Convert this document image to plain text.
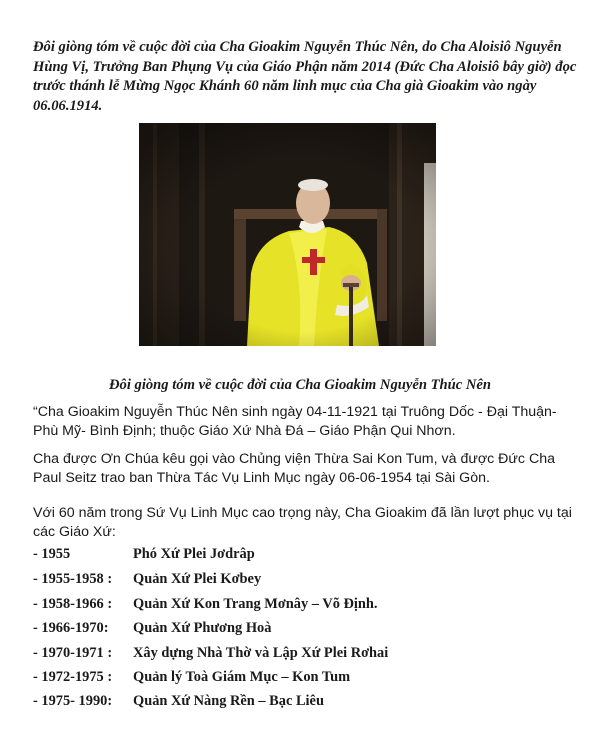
Đôi giòng tóm về cuộc đời của Cha Gioakim Nguyễn Thúc Nên, do Cha Aloisiô Nguyễn Hùng Vị, Trưởng Ban Phụng Vụ của Giáo Phận năm 2014 (Đức Cha Aloisiô bây giờ) đọc trước thánh lễ Mừng Ngọc Khánh 60 năm linh mục của Cha già Gioakim vào ngày 06.06.1914.
Đôi giòng tóm về cuộc đời của Cha Gioakim Nguyễn Thúc Nên
“Cha Gioakim Nguyễn Thúc Nên sinh ngày 04-11-1921 tại Truông Dốc - Đại Thuận- Phù Mỹ- Bình Định; thuộc Giáo Xứ Nhà Đá – Giáo Phận Qui Nhơn.
Cha được Ơn Chúa kêu gọi vào Chủng viện Thừa Sai Kon Tum, và được Đức Cha Paul Seitz trao ban Thừa Tác Vụ Linh Mục ngày 06-06-1954 tại Sài Gòn.
Với 60 năm trong Sứ Vụ Linh Mục cao trọng này, Cha Gioakim đã lần lượt phục vụ tại các Giáo Xứ:
- 1955	Phó Xứ Plei Jơdrâp
- 1955-1958 : Quản Xứ Plei Kơbey
- 1958-1966 : Quản Xứ Kon Trang Mơnây – Võ Định.
- 1966-1970: Quản Xứ Phương Hoà
- 1970-1971 : Xây dựng Nhà Thờ và Lập Xứ Plei Rơhai
- 1972-1975 : Quản lý Toà Giám Mục – Kon Tum
- 1975- 1990: Quản Xứ Nàng Rền – Bạc Liêu
